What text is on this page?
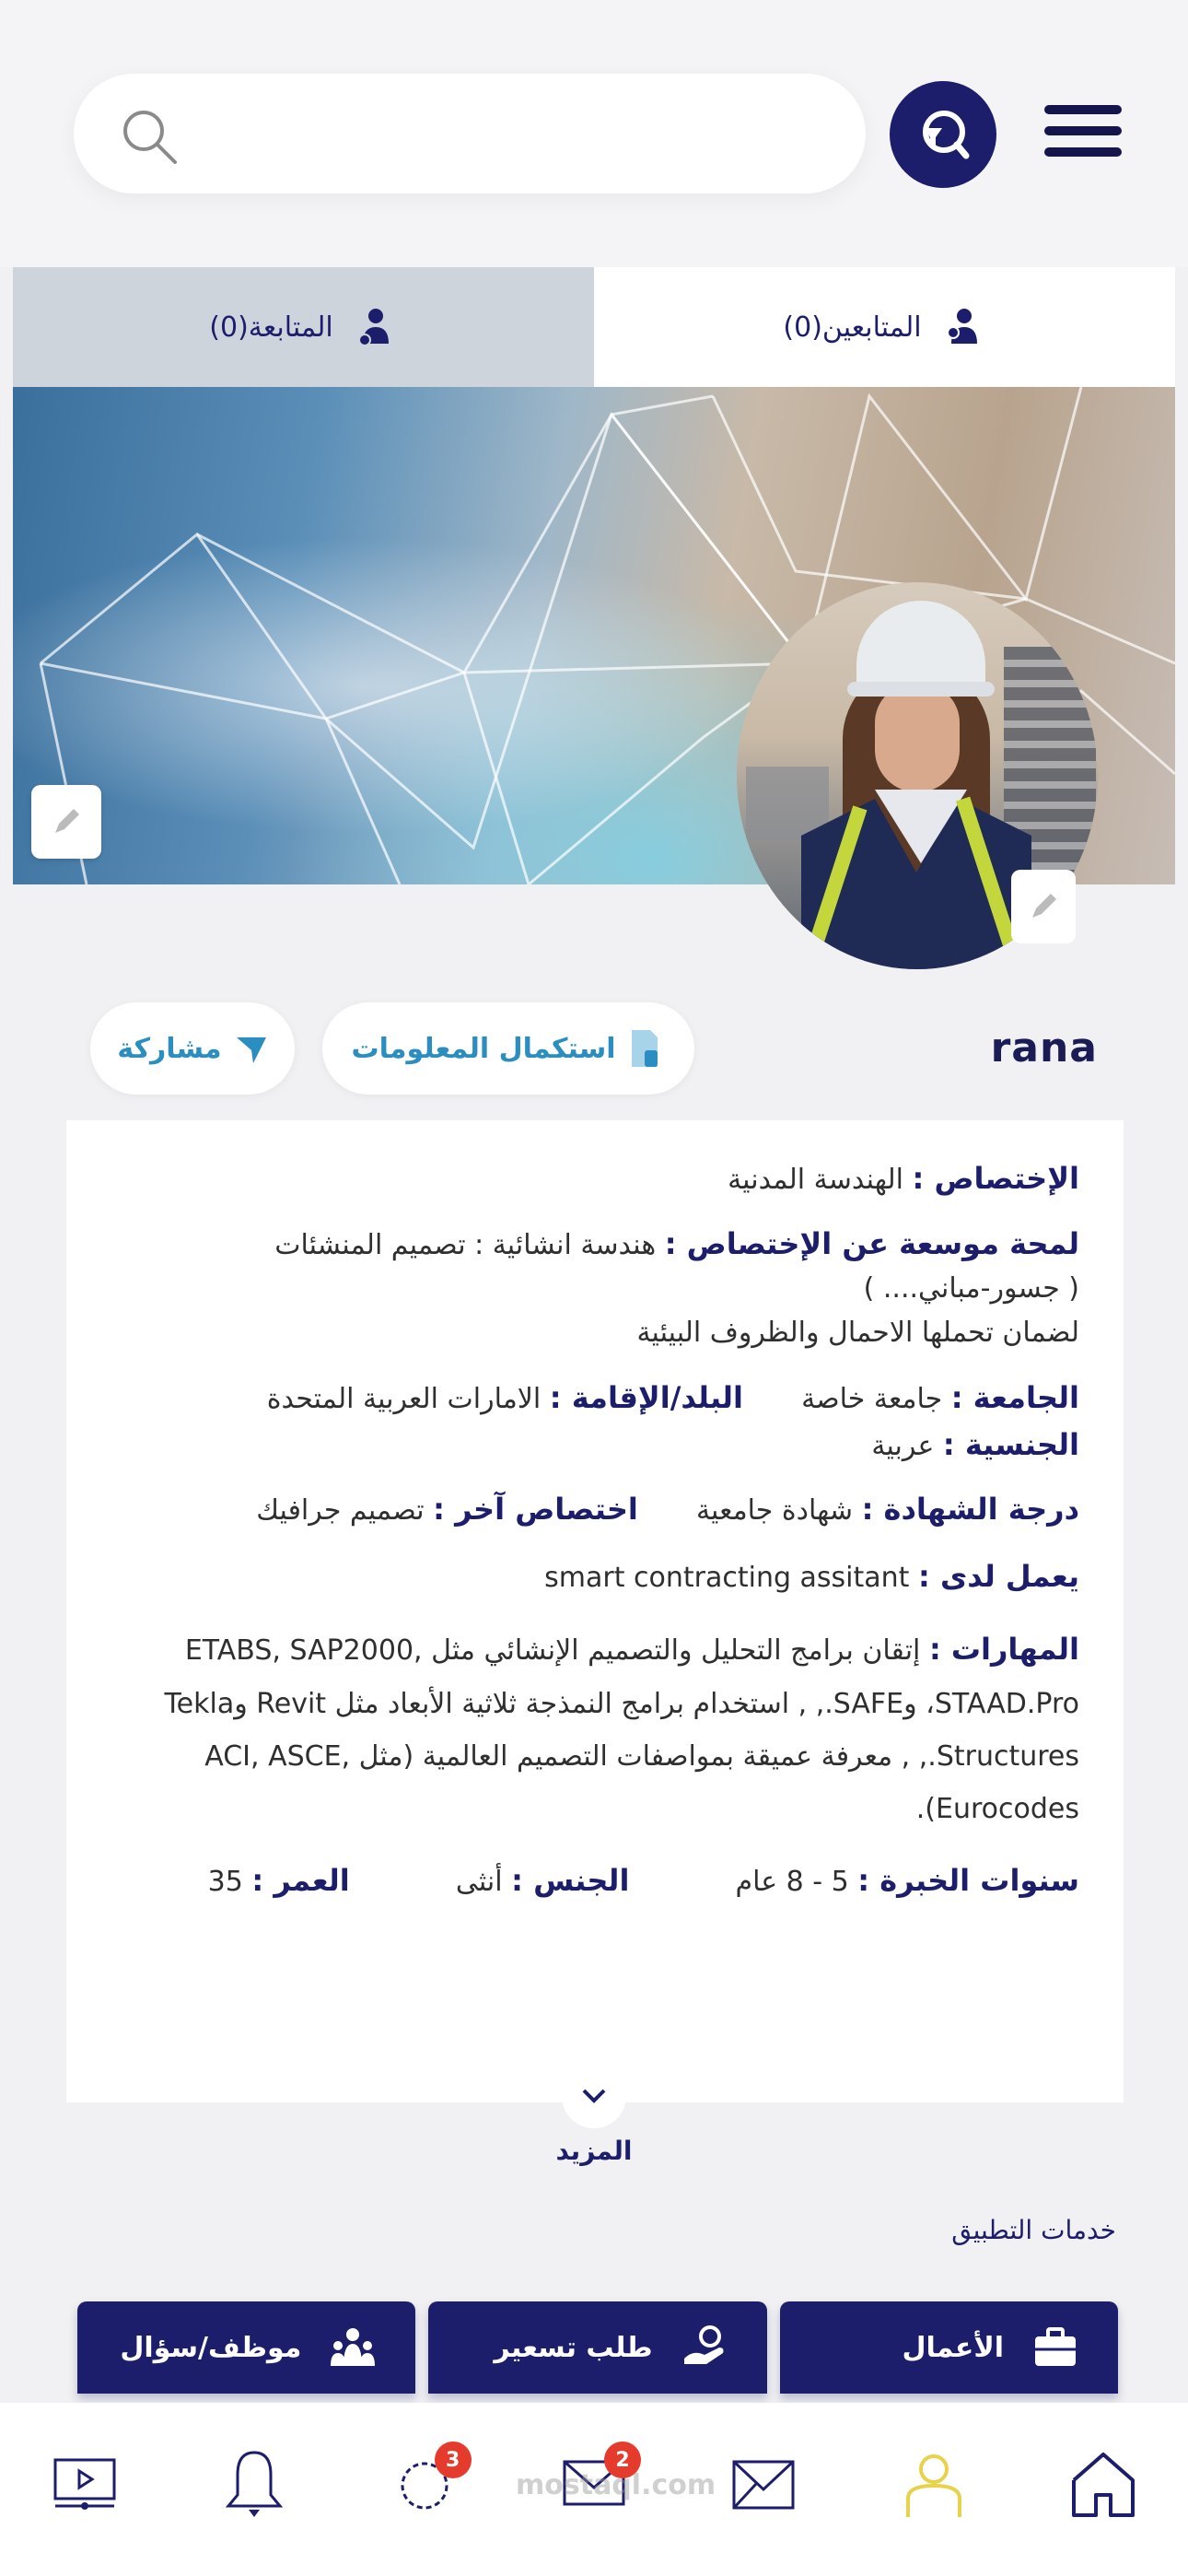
المتابعة(0)	المتابعين(0)
rana
استكمال المعلومات
مشاركة
الإختصاص : الهندسة المدنية
لمحة موسعة عن الإختصاص : هندسة انشائية : تصميم المنشئات
( جسور-مباني.... )
لضمان تحملها الاحمال والظروف البيئية
الجامعة : جامعة خاصة  البلد/الإقامة : الامارات العربية المتحدة
الجنسية : عربية
درجة الشهادة : شهادة جامعية  اختصاص آخر : تصميم جرافيك
يعمل لدى : smart contracting assitant
المهارات : إتقان برامج التحليل والتصميم الإنشائي مثل ETABS, SAP2000, STAAD.Pro، وSAFE., , استخدام برامج النمذجة ثلاثية الأبعاد مثل Revit وTekla Structures., , معرفة عميقة بمواصفات التصميم العالمية (مثل ACI, ASCE, Eurocodes).
سنوات الخبرة : 5 - 8 عام  الجنس : أنثى  العمر : 35
المزيد
خدمات التطبيق
الأعمال
طلب تسعير
موظف/سؤال
3	2
mostaql.com
